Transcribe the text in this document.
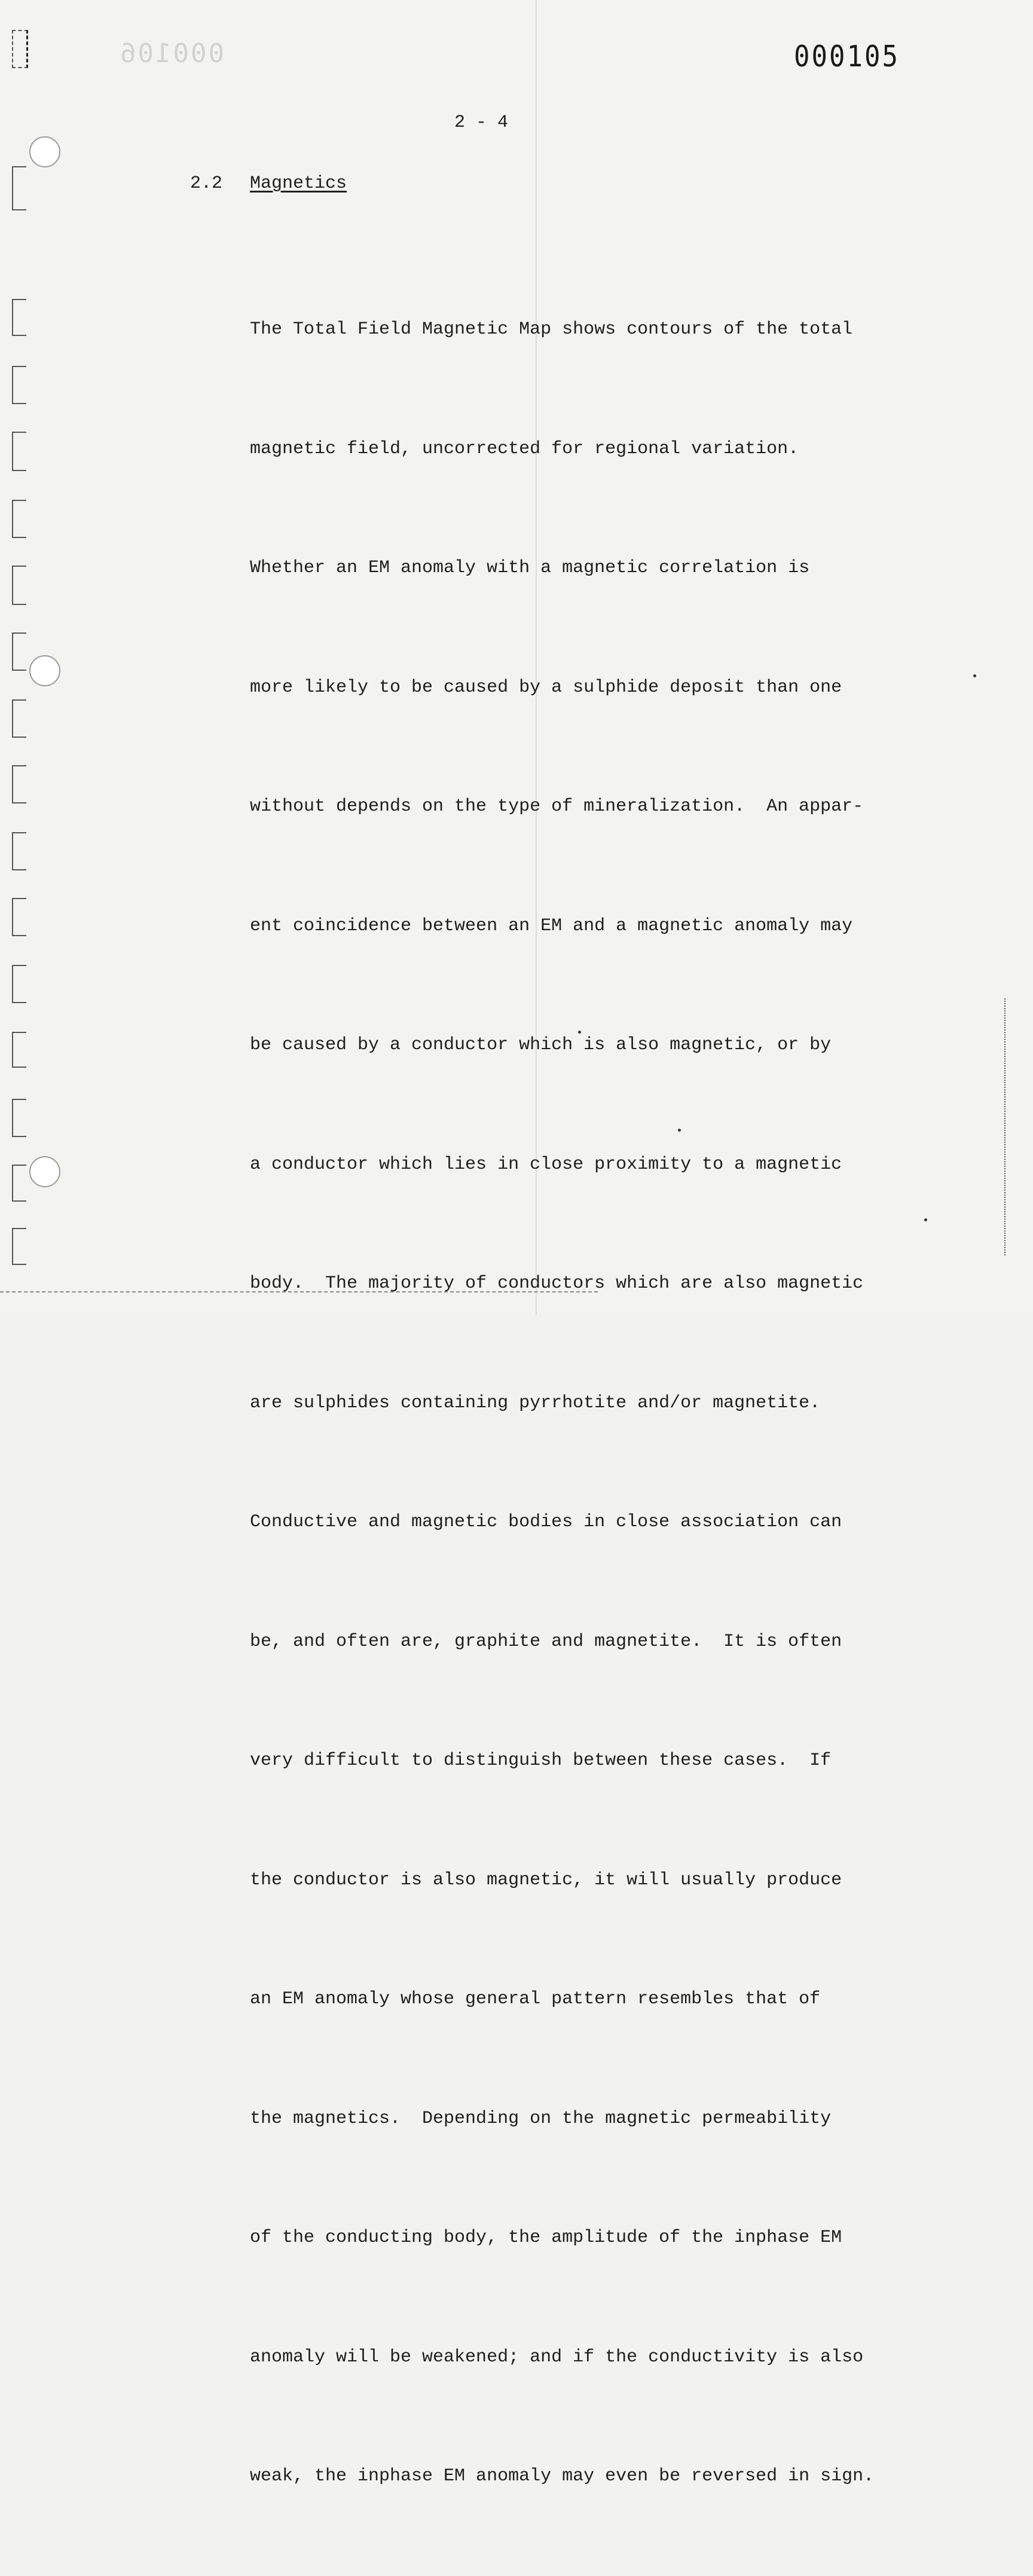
000106	000105
2 - 4
2.2 Magnetics

The Total Field Magnetic Map shows contours of the total

magnetic field, uncorrected for regional variation.

Whether an EM anomaly with a magnetic correlation is

more likely to be caused by a sulphide deposit than one

without depends on the type of mineralization.  An appar-

ent coincidence between an EM and a magnetic anomaly may

be caused by a conductor which is also magnetic, or by

a conductor which lies in close proximity to a magnetic

body.  The majority of conductors which are also magnetic

are sulphides containing pyrrhotite and/or magnetite.

Conductive and magnetic bodies in close association can

be, and often are, graphite and magnetite.  It is often

very difficult to distinguish between these cases.  If

the conductor is also magnetic, it will usually produce

an EM anomaly whose general pattern resembles that of

the magnetics.  Depending on the magnetic permeability

of the conducting body, the amplitude of the inphase EM

anomaly will be weakened; and if the conductivity is also

weak, the inphase EM anomaly may even be reversed in sign.
